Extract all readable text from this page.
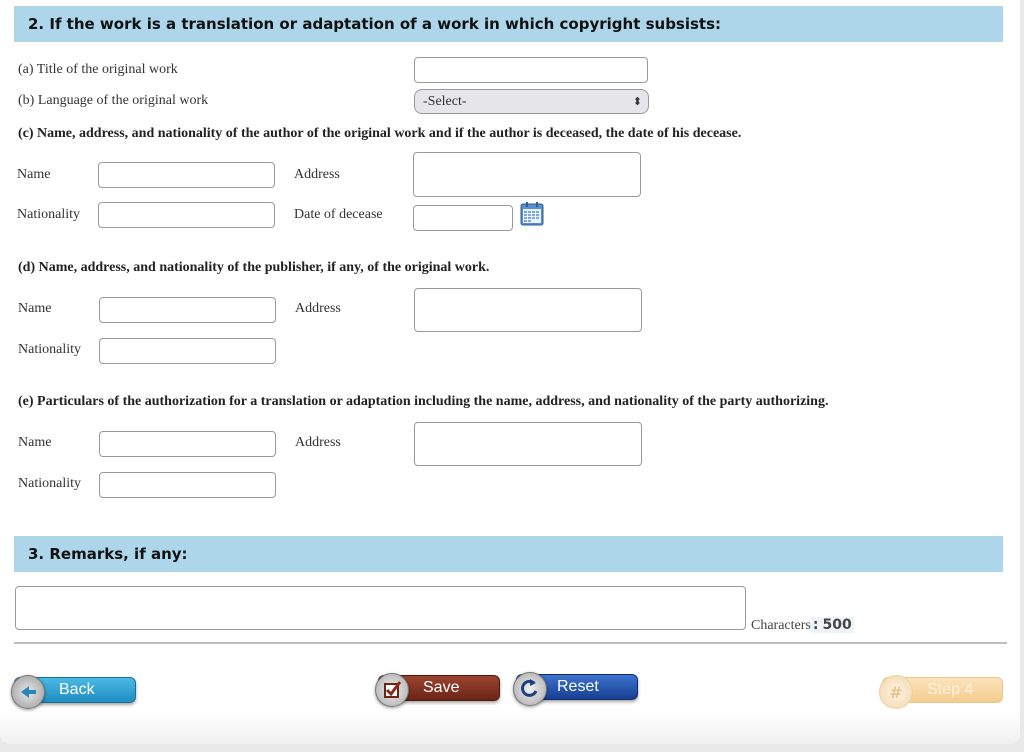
2. If the work is a translation or adaptation of a work in which copyright subsists:
(a) Title of the original work
(b) Language of the original work	-Select-	⬍
(c) Name, address, and nationality of the author of the original work and if the author is deceased, the date of his decease.
Name	Address
Nationality	Date of decease
(d) Name, address, and nationality of the publisher, if any, of the original work.
Name	Address
Nationality
(e) Particulars of the authorization for a translation or adaptation including the name, address, and nationality of the party authorizing.
Name	Address
Nationality
3. Remarks, if any:
Characters : 500
Back	Save	Reset	# Step 4
